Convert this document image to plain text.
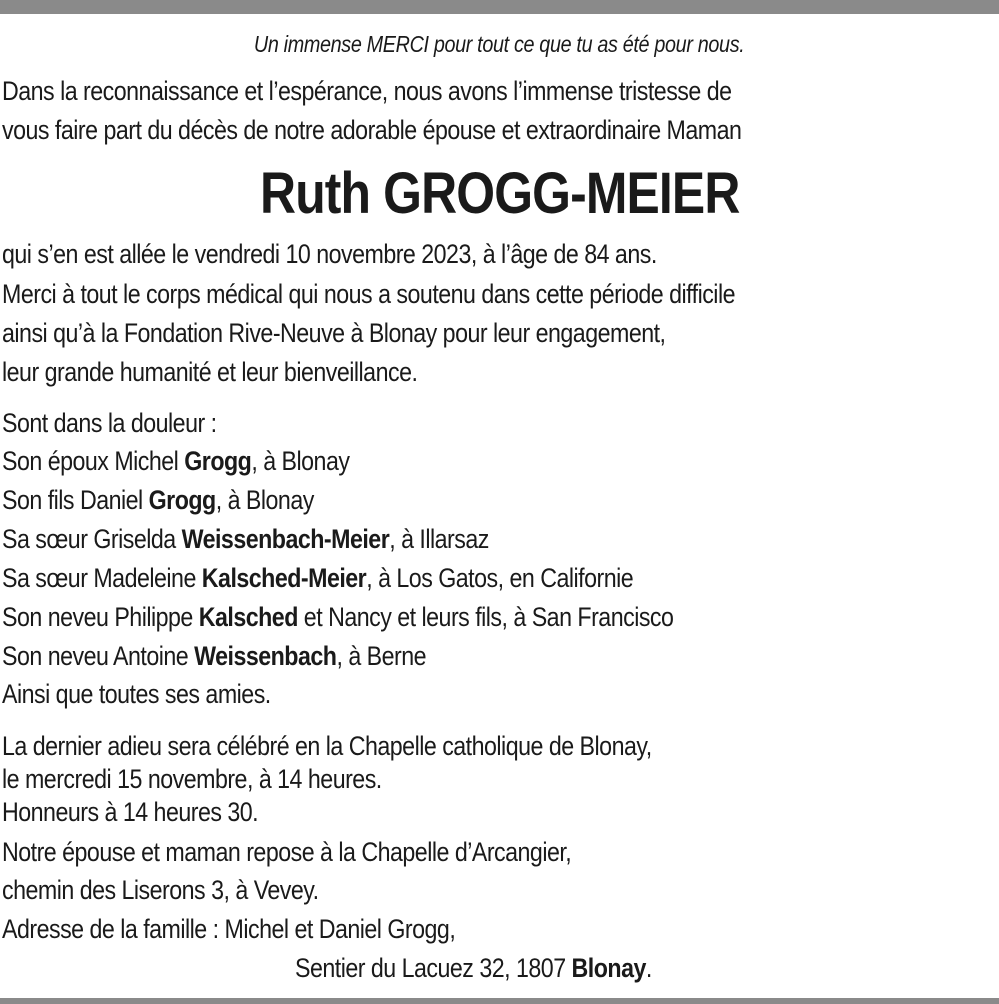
Un immense MERCI pour tout ce que tu as été pour nous.
Dans la reconnaissance et l’espérance, nous avons l’immense tristesse de
vous faire part du décès de notre adorable épouse et extraordinaire Maman
Ruth GROGG-MEIER
qui s’en est allée le vendredi 10 novembre 2023, à l’âge de 84 ans.
Merci à tout le corps médical qui nous a soutenu dans cette période difficile
ainsi qu’à la Fondation Rive-Neuve à Blonay pour leur engagement,
leur grande humanité et leur bienveillance.
Sont dans la douleur :
Son époux Michel Grogg, à Blonay
Son fils Daniel Grogg, à Blonay
Sa sœur Griselda Weissenbach-Meier, à Illarsaz
Sa sœur Madeleine Kalsched-Meier, à Los Gatos, en Californie
Son neveu Philippe Kalsched et Nancy et leurs fils, à San Francisco
Son neveu Antoine Weissenbach, à Berne
Ainsi que toutes ses amies.
La dernier adieu sera célébré en la Chapelle catholique de Blonay,
le mercredi 15 novembre, à 14 heures.
Honneurs à 14 heures 30.
Notre épouse et maman repose à la Chapelle d’Arcangier,
chemin des Liserons 3, à Vevey.
Adresse de la famille : Michel et Daniel Grogg,
Sentier du Lacuez 32, 1807 Blonay.
